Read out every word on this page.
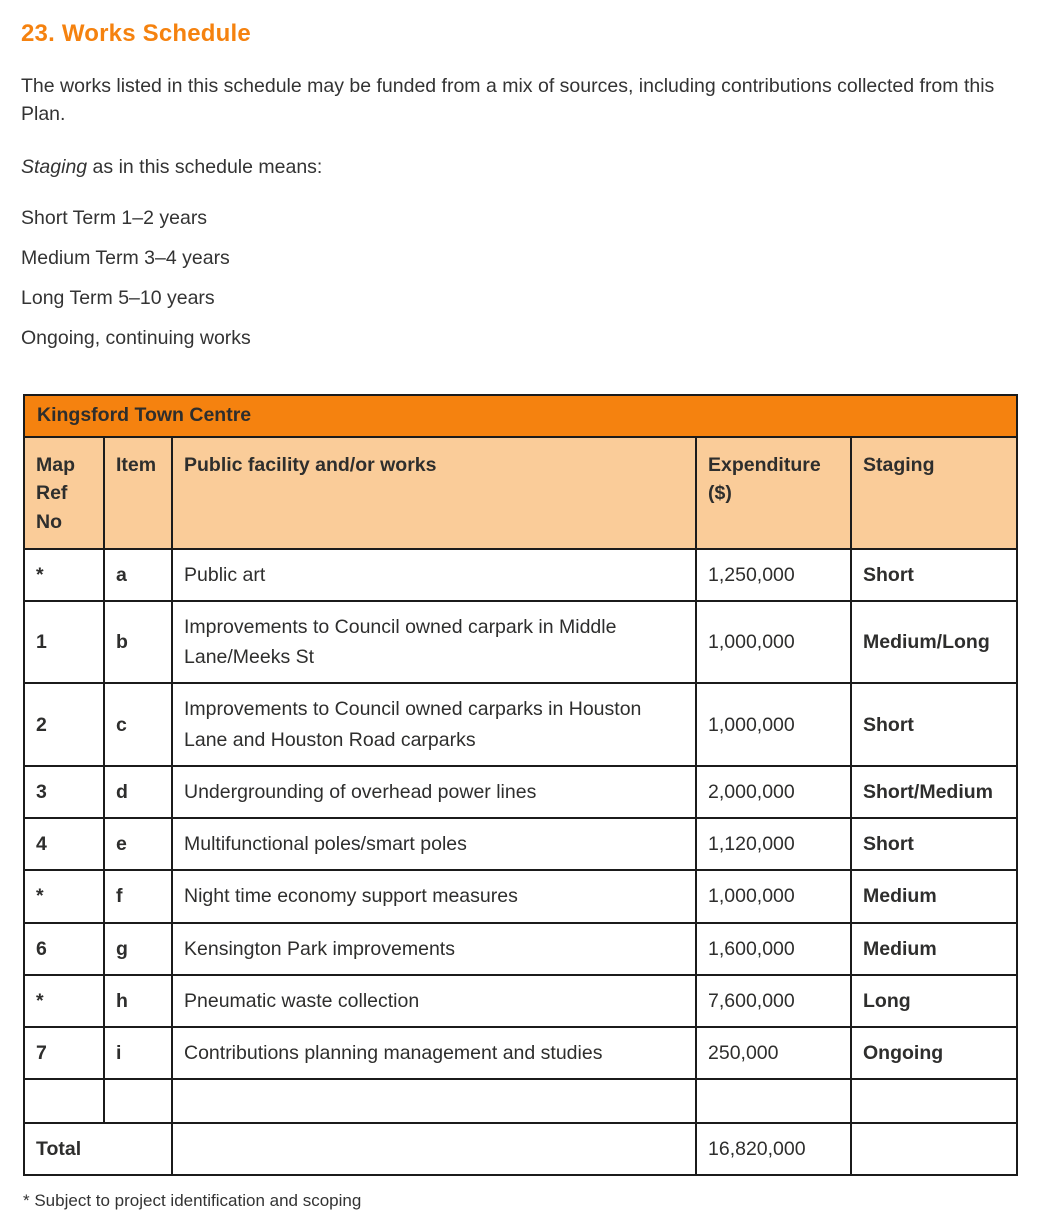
23. Works Schedule

The works listed in this schedule may be funded from a mix of sources, including contributions collected from this Plan.

Staging as in this schedule means:

Short Term 1–2 years

Medium Term 3–4 years

Long Term 5–10 years

Ongoing, continuing works

Kingsford Town Centre				
Map Ref No	Item	Public facility and/or works	Expenditure ($)	Staging
*	a	Public art	1,250,000	Short
1	b	Improvements to Council owned carpark in Middle Lane/Meeks St	1,000,000	Medium/Long
2	c	Improvements to Council owned carparks in Houston Lane and Houston Road carparks	1,000,000	Short
3	d	Undergrounding of overhead power lines	2,000,000	Short/Medium
4	e	Multifunctional poles/smart poles	1,120,000	Short
*	f	Night time economy support measures	1,000,000	Medium
6	g	Kensington Park improvements	1,600,000	Medium
*	h	Pneumatic waste collection	7,600,000	Long
7	i	Contributions planning management and studies	250,000	Ongoing

Total			16,820,000	

* Subject to project identification and scoping
